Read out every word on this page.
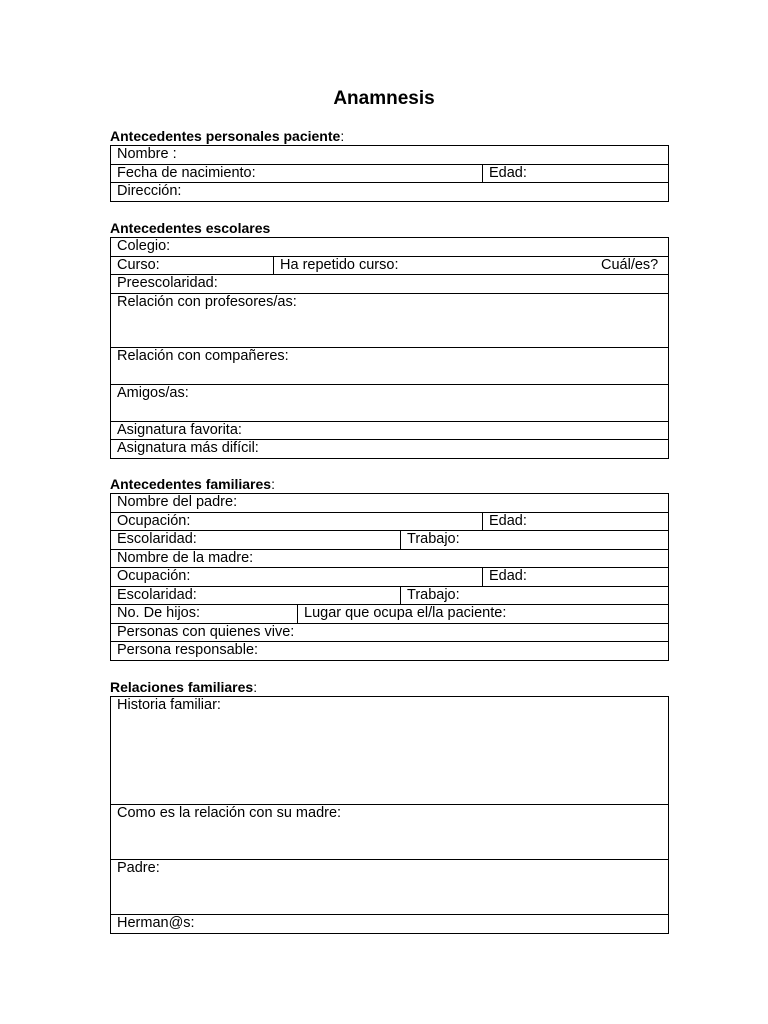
Anamnesis
Antecedentes personales paciente:
Nombre :
Fecha de nacimiento:	Edad:
Dirección:
Antecedentes escolares
Colegio:
Curso:	Ha repetido curso:	Cuál/es?

Preescolaridad:
Relación con profesores/as:
Relación con compañeres:
Amigos/as:
Asignatura favorita:
Asignatura más difícil:
Antecedentes familiares:
Nombre del padre:			
Ocupación:			Edad:
Escolaridad:		Trabajo:	
Nombre de la madre:			
Ocupación:			Edad:
Escolaridad:		Trabajo:	
No. De hijos:	Lugar que ocupa el/la paciente:		
Personas con quienes vive:			
Persona responsable:			
Relaciones familiares:
Historia familiar:
Como es la relación con su madre:
Padre:
Herman@s:
